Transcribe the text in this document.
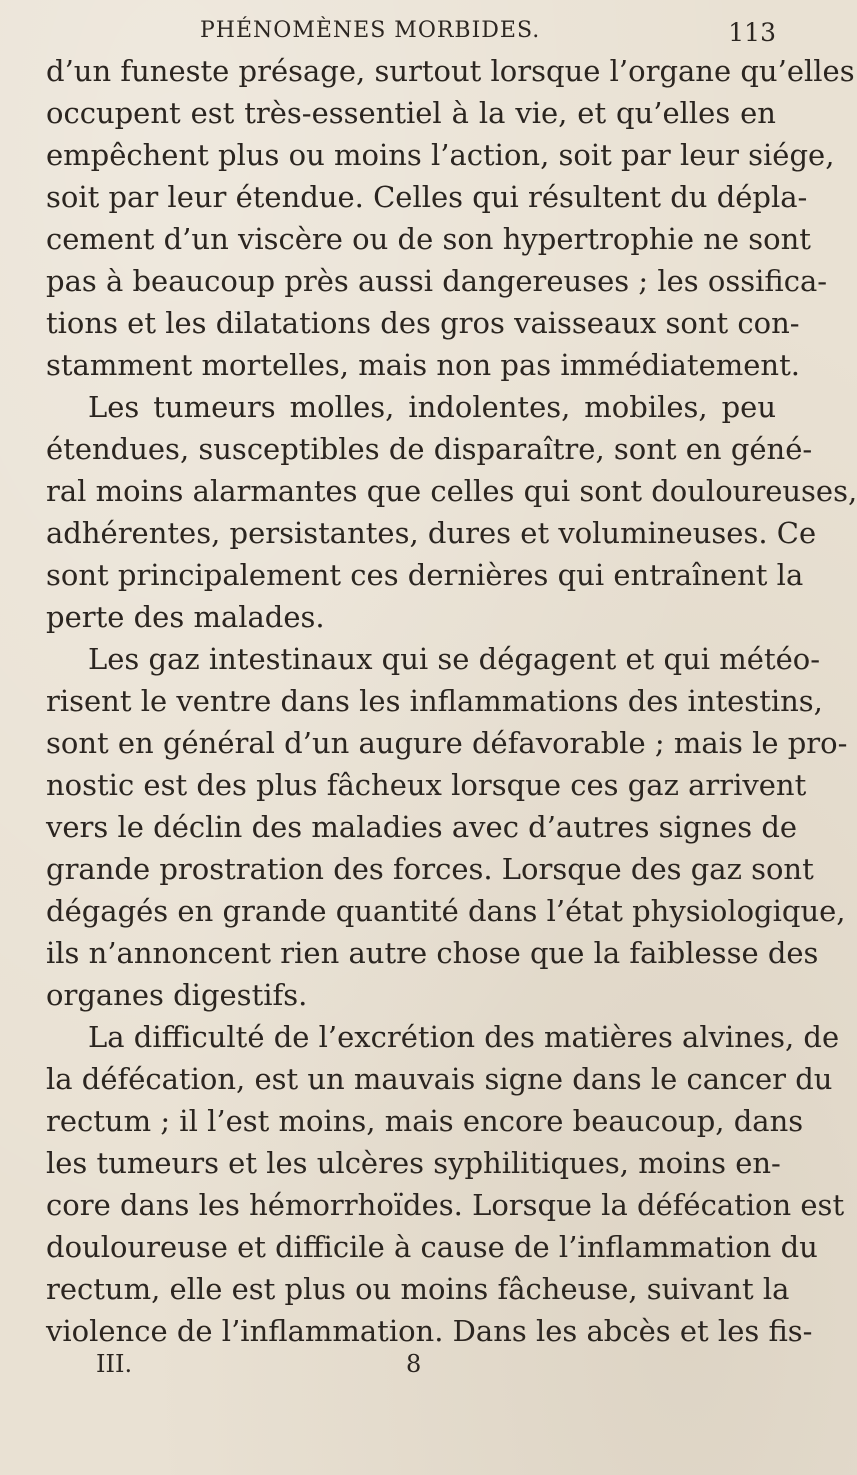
PHÉNOMÈNES MORBIDES.	113
d’un funeste présage, surtout lorsque l’organe qu’elles
occupent est très-essentiel à la vie, et qu’elles en
empêchent plus ou moins l’action, soit par leur siége,
soit par leur étendue. Celles qui résultent du dépla-
cement d’un viscère ou de son hypertrophie ne sont
pas à beaucoup près aussi dangereuses ; les ossifica-
tions et les dilatations des gros vaisseaux sont con-
stamment mortelles, mais non pas immédiatement.
Les tumeurs molles, indolentes, mobiles, peu
étendues, susceptibles de disparaître, sont en géné-
ral moins alarmantes que celles qui sont douloureuses,
adhérentes, persistantes, dures et volumineuses. Ce
sont principalement ces dernières qui entraînent la
perte des malades.
Les gaz intestinaux qui se dégagent et qui météo-
risent le ventre dans les inflammations des intestins,
sont en général d’un augure défavorable ; mais le pro-
nostic est des plus fâcheux lorsque ces gaz arrivent
vers le déclin des maladies avec d’autres signes de
grande prostration des forces. Lorsque des gaz sont
dégagés en grande quantité dans l’état physiologique,
ils n’annoncent rien autre chose que la faiblesse des
organes digestifs.
La difficulté de l’excrétion des matières alvines, de
la défécation, est un mauvais signe dans le cancer du
rectum ; il l’est moins, mais encore beaucoup, dans
les tumeurs et les ulcères syphilitiques, moins en-
core dans les hémorrhoïdes. Lorsque la défécation est
douloureuse et difficile à cause de l’inflammation du
rectum, elle est plus ou moins fâcheuse, suivant la
violence de l’inflammation. Dans les abcès et les fis-
III.	8
